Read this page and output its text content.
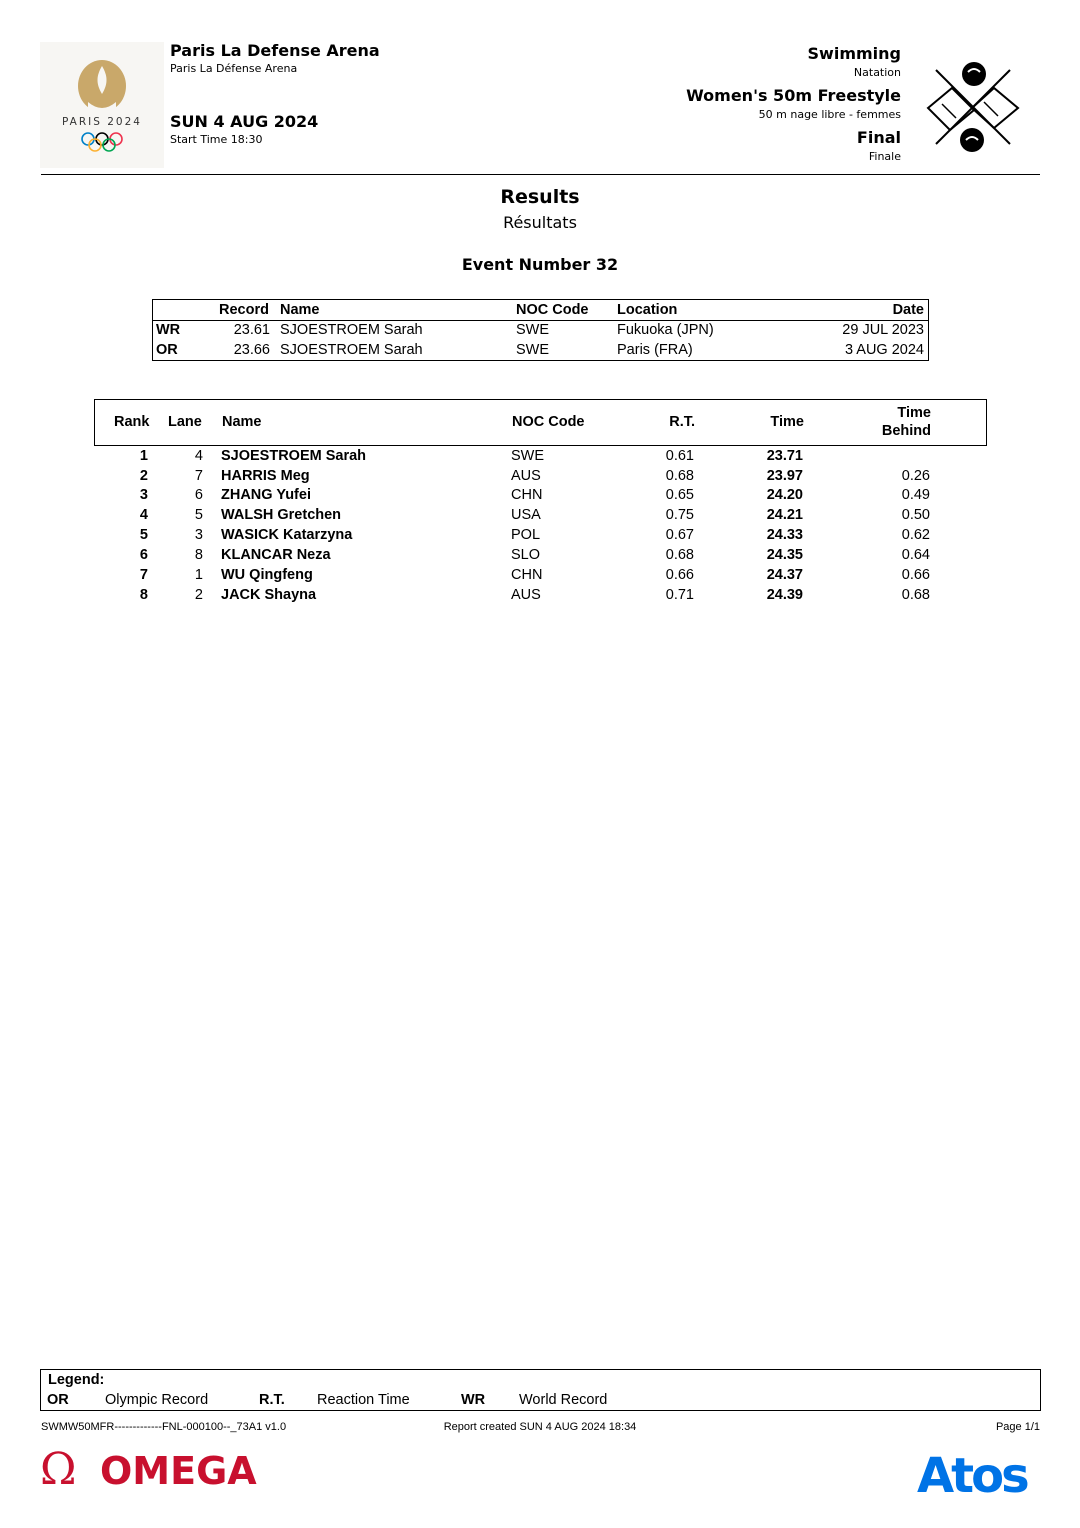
PARIS 2024
Paris La Defense Arena
Paris La Défense Arena
SUN 4 AUG 2024
Start Time 18:30
Swimming
Natation
Women's 50m Freestyle
50 m nage libre - femmes
Final
Finale
Results
Résultats
Event Number 32
Record Name	NOC Code Location	Date
WR	23.61 SJOESTROEM Sarah	SWE	Fukuoka (JPN)	29 JUL 2023
OR	23.66 SJOESTROEM Sarah	SWE	Paris (FRA)	3 AUG 2024
Rank Lane Name	NOC Code	R.T.	Time
Time
Behind
1	4 SJOESTROEM Sarah	SWE	0.61	23.71
2	7 HARRIS Meg	AUS	0.68	23.97	0.26
3	6 ZHANG Yufei	CHN	0.65	24.20	0.49
4	5 WALSH Gretchen	USA	0.75	24.21	0.50
5	3 WASICK Katarzyna	POL	0.67	24.33	0.62
6	8 KLANCAR Neza	SLO	0.68	24.35	0.64
7	1 WU Qingfeng	CHN	0.66	24.37	0.66
8	2 JACK Shayna	AUS	0.71	24.39	0.68
Legend:
OR	Olympic Record	R.T. Reaction Time	WR World Record
SWMW50MFR-------------FNL-000100--_73A1 v1.0	Report created SUN 4 AUG 2024 18:34	Page 1/1
Ω OMEGA	Atos
